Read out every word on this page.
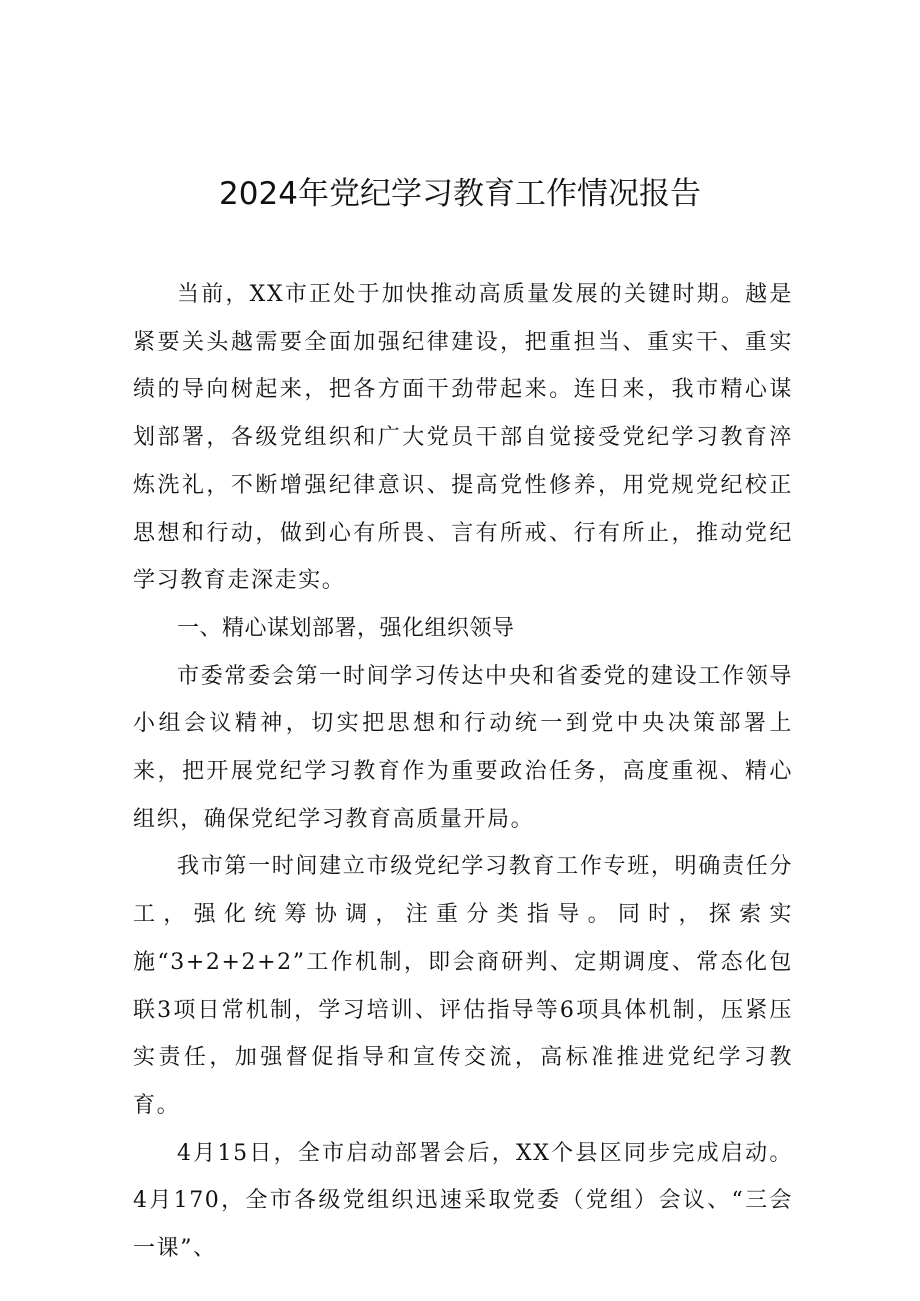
2024年党纪学习教育工作情况报告

当前，XX市正处于加快推动高质量发展的关键时期。越是紧要关头越需要全面加强纪律建设，把重担当、重实干、重实绩的导向树起来，把各方面干劲带起来。连日来，我市精心谋划部署，各级党组织和广大党员干部自觉接受党纪学习教育淬炼洗礼，不断增强纪律意识、提高党性修养，用党规党纪校正思想和行动，做到心有所畏、言有所戒、行有所止，推动党纪学习教育走深走实。

一、精心谋划部署，强化组织领导

市委常委会第一时间学习传达中央和省委党的建设工作领导小组会议精神，切实把思想和行动统一到党中央决策部署上来，把开展党纪学习教育作为重要政治任务，高度重视、精心组织，确保党纪学习教育高质量开局。

我市第一时间建立市级党纪学习教育工作专班，明确责任分工，强化统筹协调，注重分类指导。同时，探索实施“3+2+2+2”工作机制，即会商研判、定期调度、常态化包联3项日常机制，学习培训、评估指导等6项具体机制，压紧压实责任，加强督促指导和宣传交流，高标准推进党纪学习教育。

4月15日，全市启动部署会后，XX个县区同步完成启动。4月170，全市各级党组织迅速采取党委（党组）会议、“三会一课”、
